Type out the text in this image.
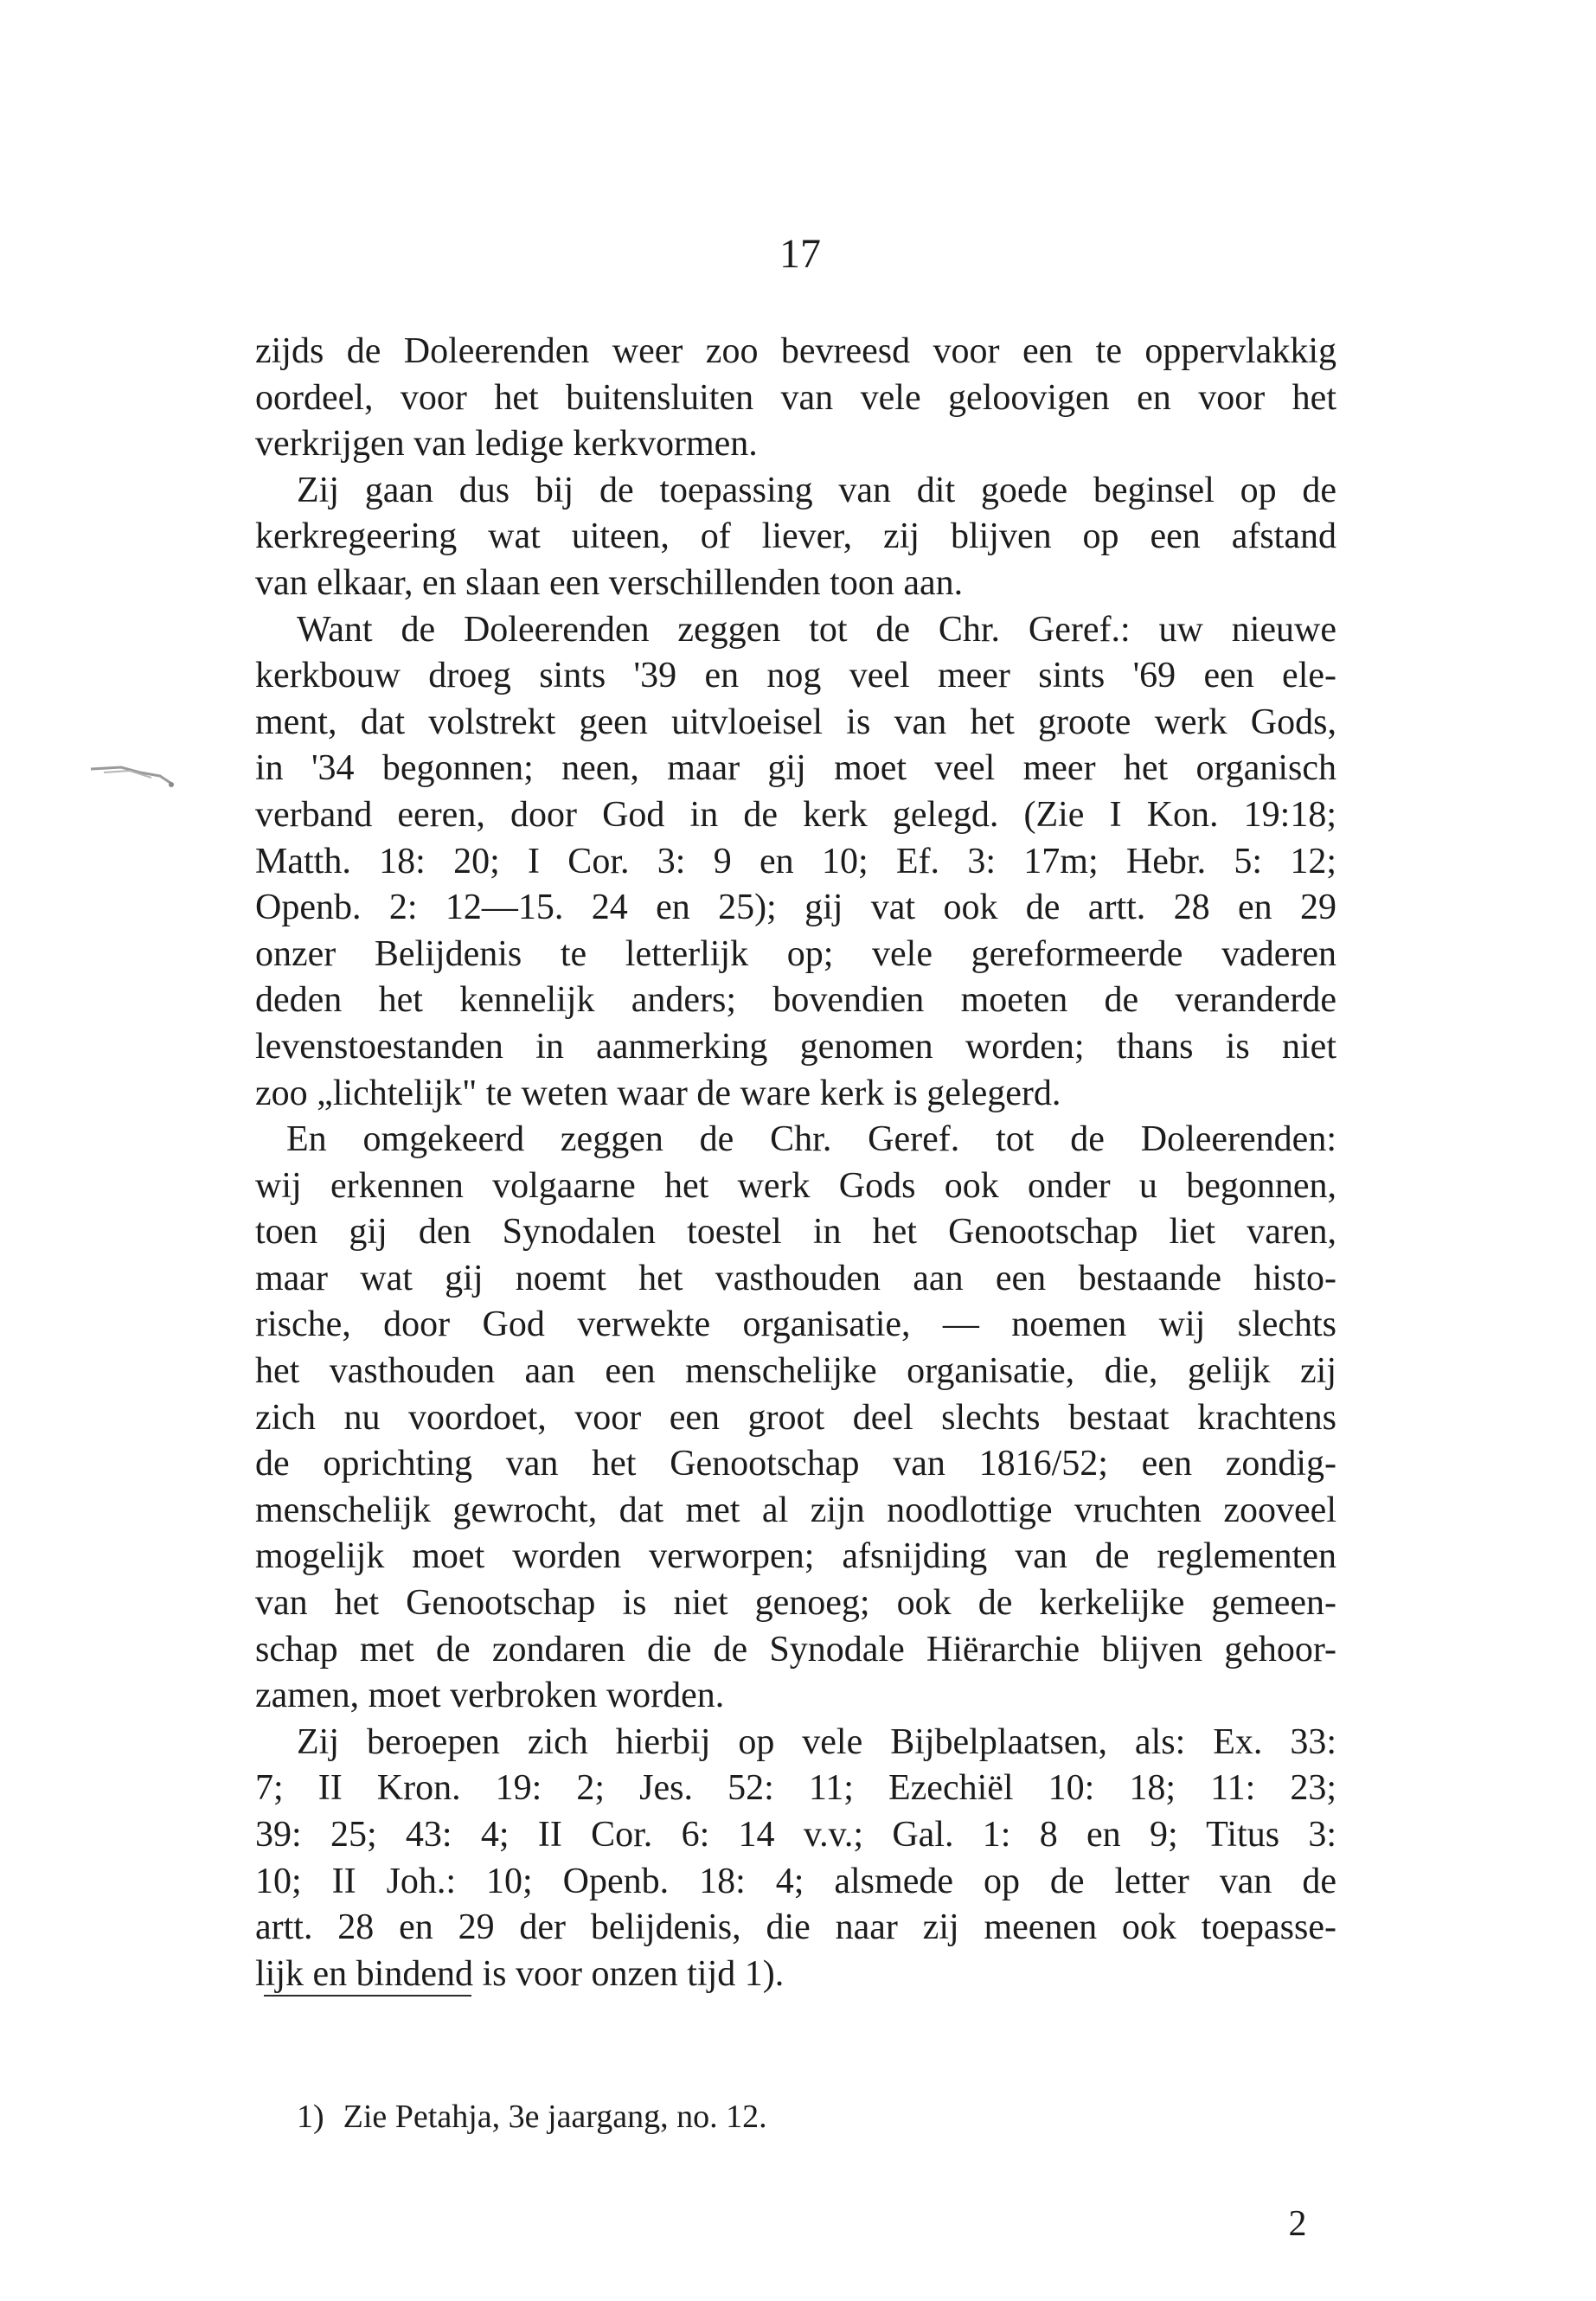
17
zijds de Doleerenden weer zoo bevreesd voor een te oppervlakkig
oordeel, voor het buitensluiten van vele geloovigen en voor het
verkrijgen van ledige kerkvormen.
Zij gaan dus bij de toepassing van dit goede beginsel op de
kerkregeering wat uiteen, of liever, zij blijven op een afstand
van elkaar, en slaan een verschillenden toon aan.
Want de Doleerenden zeggen tot de Chr. Geref.: uw nieuwe
kerkbouw droeg sints '39 en nog veel meer sints '69 een ele-
ment, dat volstrekt geen uitvloeisel is van het groote werk Gods,
in '34 begonnen; neen, maar gij moet veel meer het organisch
verband eeren, door God in de kerk gelegd. (Zie I Kon. 19:18;
Matth. 18: 20; I Cor. 3: 9 en 10; Ef. 3: 17m; Hebr. 5: 12;
Openb. 2: 12—15. 24 en 25); gij vat ook de artt. 28 en 29
onzer Belijdenis te letterlijk op; vele gereformeerde vaderen
deden het kennelijk anders; bovendien moeten de veranderde
levenstoestanden in aanmerking genomen worden; thans is niet
zoo „lichtelijk" te weten waar de ware kerk is gelegerd.
En omgekeerd zeggen de Chr. Geref. tot de Doleerenden:
wij erkennen volgaarne het werk Gods ook onder u begonnen,
toen gij den Synodalen toestel in het Genootschap liet varen,
maar wat gij noemt het vasthouden aan een bestaande histo-
rische, door God verwekte organisatie, — noemen wij slechts
het vasthouden aan een menschelijke organisatie, die, gelijk zij
zich nu voordoet, voor een groot deel slechts bestaat krachtens
de oprichting van het Genootschap van 1816/52; een zondig-
menschelijk gewrocht, dat met al zijn noodlottige vruchten zooveel
mogelijk moet worden verworpen; afsnijding van de reglementen
van het Genootschap is niet genoeg; ook de kerkelijke gemeen-
schap met de zondaren die de Synodale Hiërarchie blijven gehoor-
zamen, moet verbroken worden.
Zij beroepen zich hierbij op vele Bijbelplaatsen, als: Ex. 33:
7; II Kron. 19: 2; Jes. 52: 11; Ezechiël 10: 18; 11: 23;
39: 25; 43: 4; II Cor. 6: 14 v.v.; Gal. 1: 8 en 9; Titus 3:
10; II Joh.: 10; Openb. 18: 4; alsmede op de letter van de
artt. 28 en 29 der belijdenis, die naar zij meenen ook toepasse-
lijk en bindend is voor onzen tijd 1).
1) Zie Petahja, 3e jaargang, no. 12.
2
